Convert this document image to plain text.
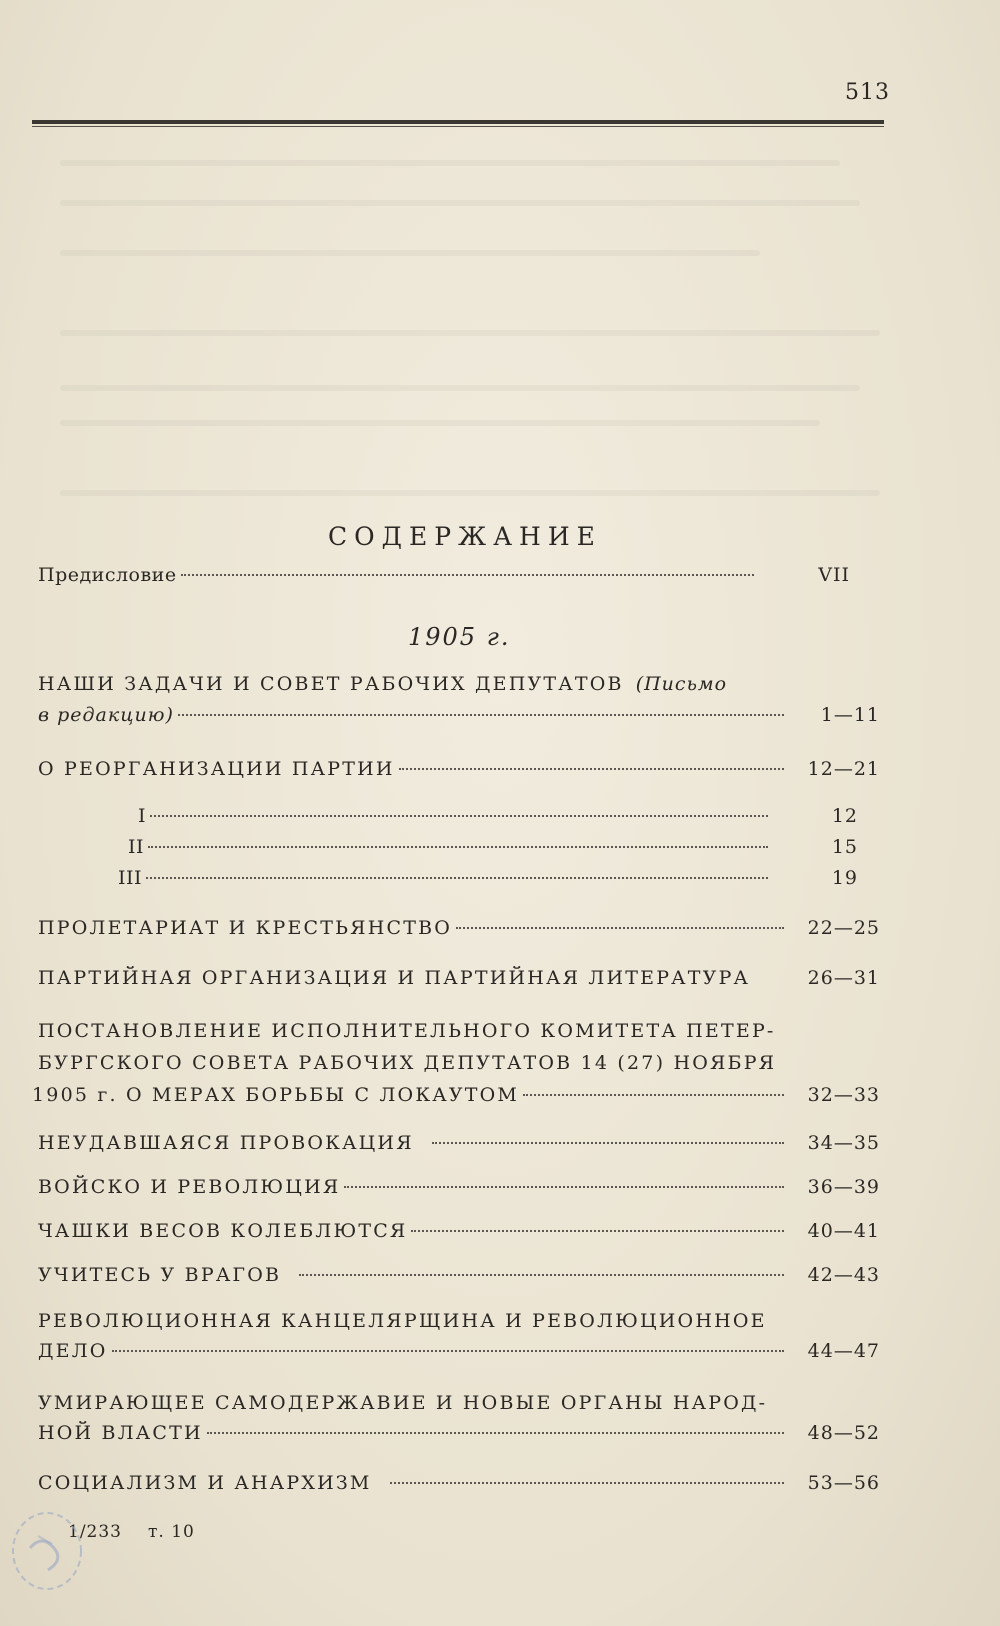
513
СОДЕРЖАНИЕ
Предисловие	VII
1905 г.
НАШИ ЗАДАЧИ И СОВЕТ РАБОЧИХ ДЕПУТАТОВ (Письмо
в редакцию)	1—11
О РЕОРГАНИЗАЦИИ ПАРТИИ	12—21
I	12
II	15
III	19
ПРОЛЕТАРИАТ И КРЕСТЬЯНСТВО	22—25
ПАРТИЙНАЯ ОРГАНИЗАЦИЯ И ПАРТИЙНАЯ ЛИТЕРАТУРА	26—31
ПОСТАНОВЛЕНИЕ ИСПОЛНИТЕЛЬНОГО КОМИТЕТА ПЕТЕР-
БУРГСКОГО СОВЕТА РАБОЧИХ ДЕПУТАТОВ 14 (27) НОЯБРЯ
1905 г. О МЕРАХ БОРЬБЫ С ЛОКАУТОМ	32—33
НЕУДАВШАЯСЯ ПРОВОКАЦИЯ	34—35
ВОЙСКО И РЕВОЛЮЦИЯ	36—39
ЧАШКИ ВЕСОВ КОЛЕБЛЮТСЯ	40—41
УЧИТЕСЬ У ВРАГОВ	42—43
РЕВОЛЮЦИОННАЯ КАНЦЕЛЯРЩИНА И РЕВОЛЮЦИОННОЕ
ДЕЛО	44—47
УМИРАЮЩЕЕ САМОДЕРЖАВИЕ И НОВЫЕ ОРГАНЫ НАРОД-
НОЙ ВЛАСТИ	48—52
СОЦИАЛИЗМ И АНАРХИЗМ	53—56
1/233 т. 10
